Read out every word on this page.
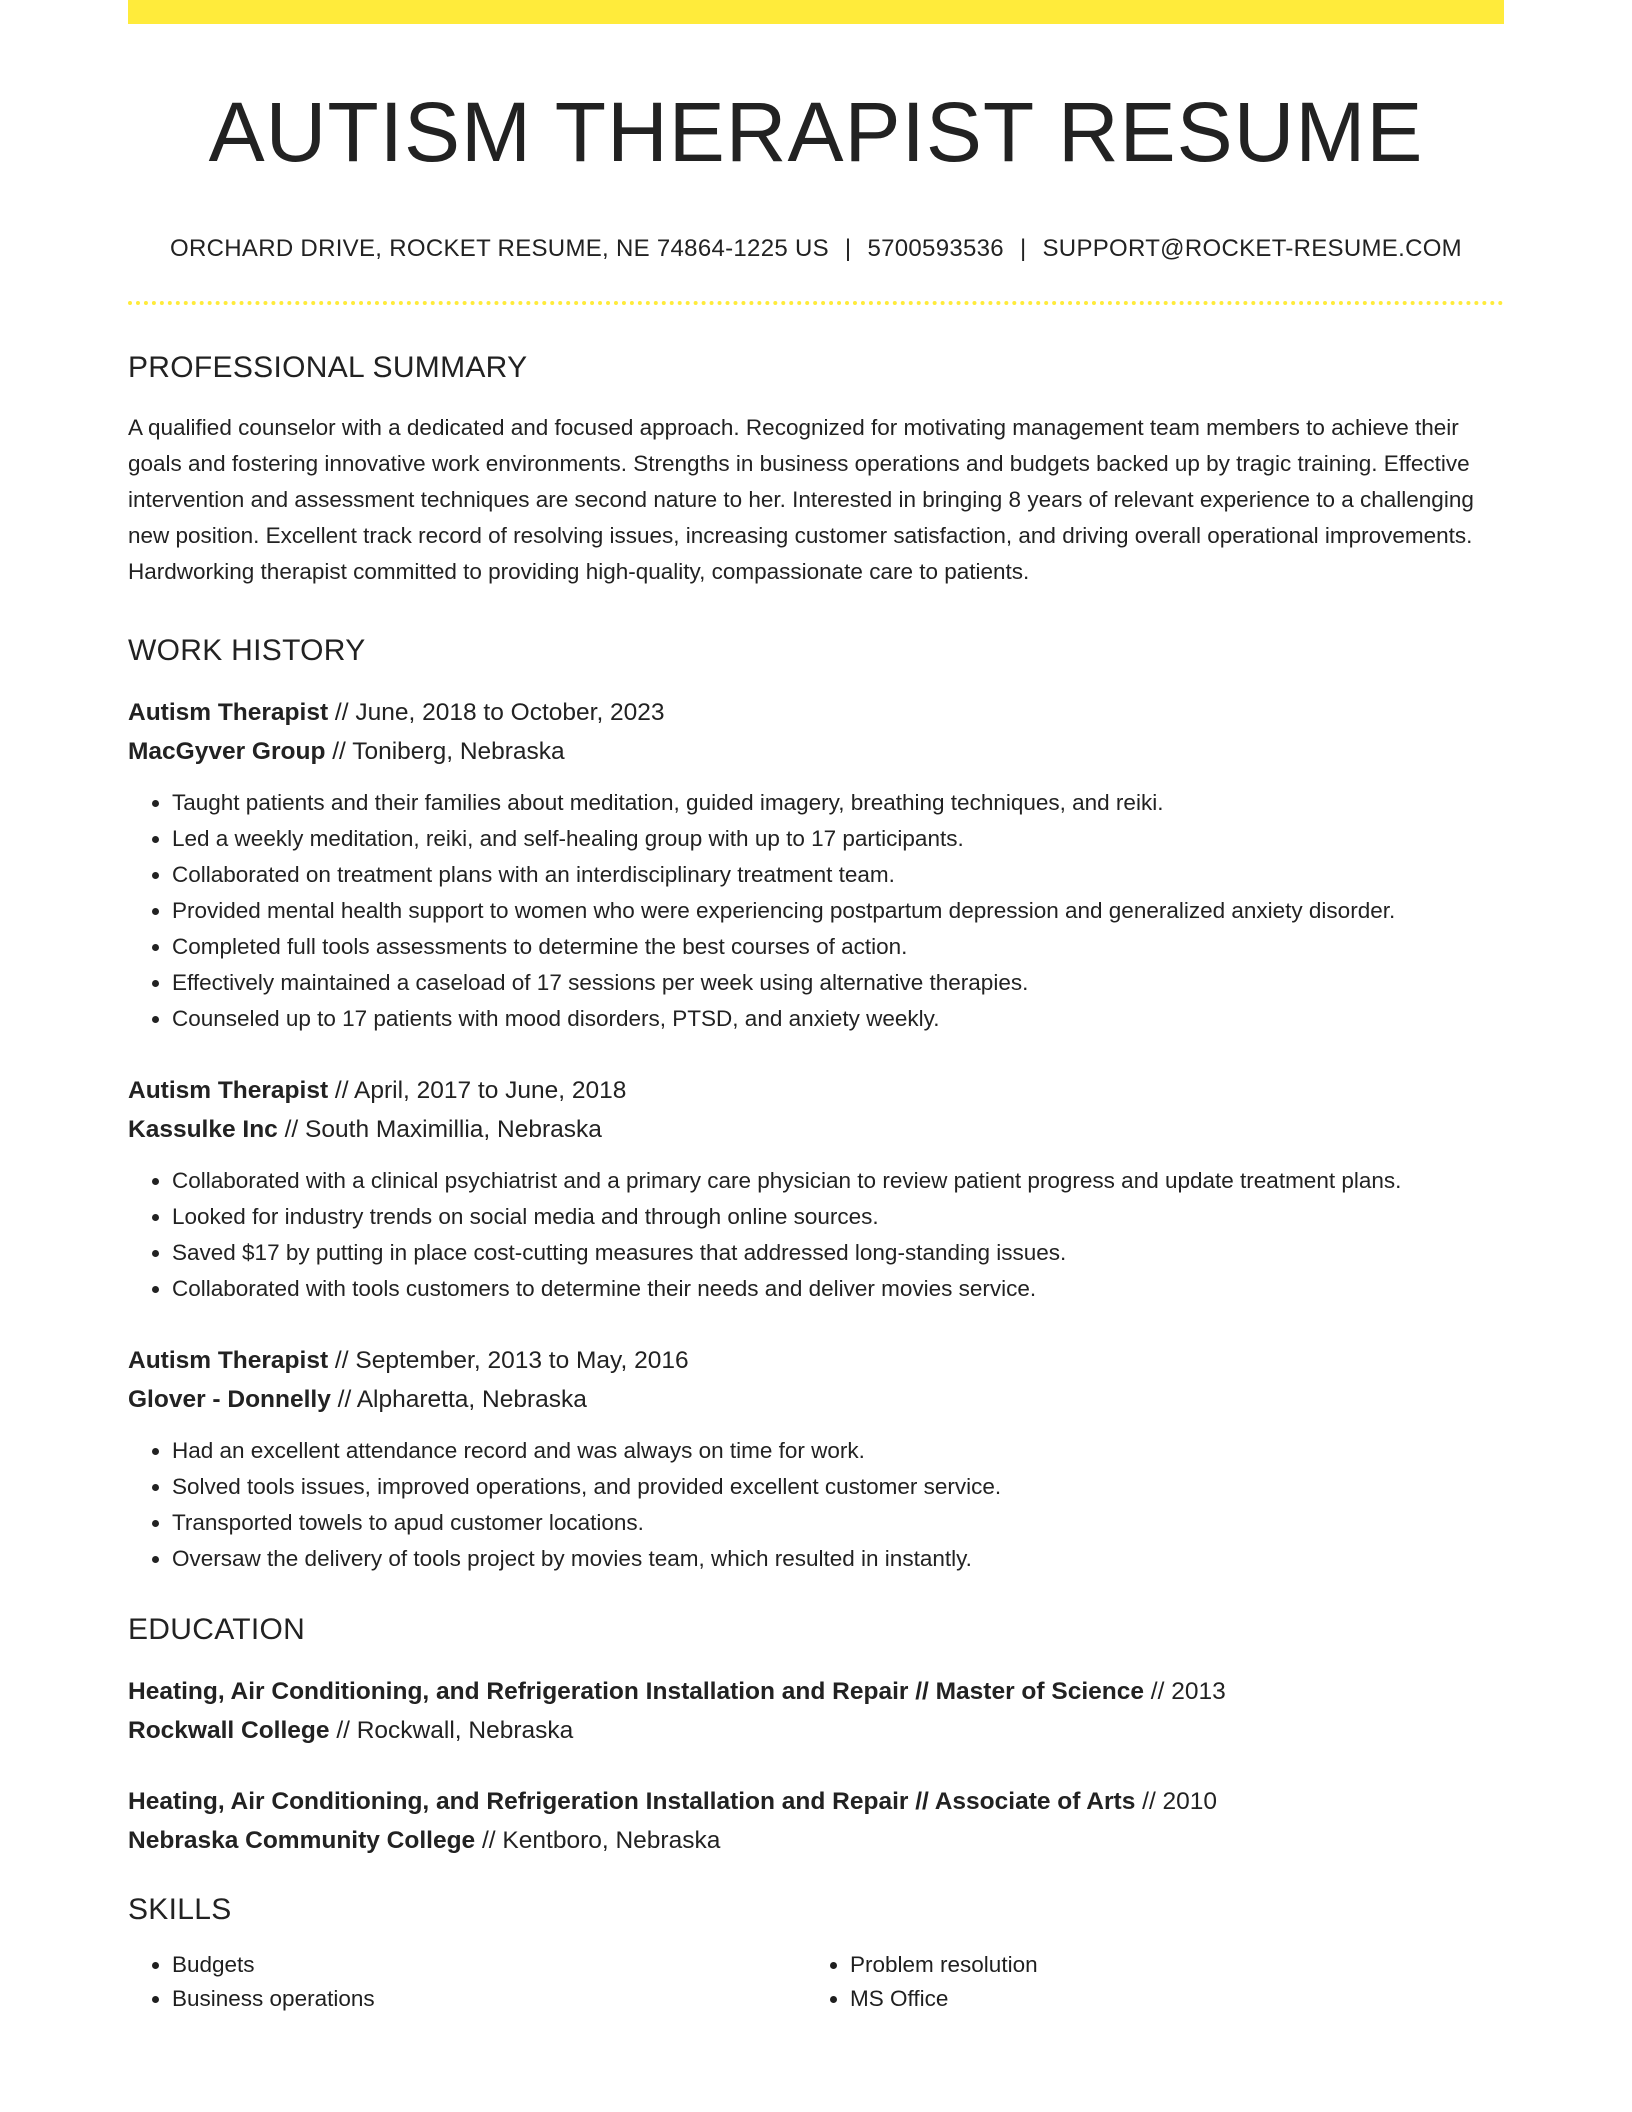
AUTISM THERAPIST RESUME
ORCHARD DRIVE, ROCKET RESUME, NE 74864-1225 US | 5700593536 | SUPPORT@ROCKET-RESUME.COM
PROFESSIONAL SUMMARY
A qualified counselor with a dedicated and focused approach. Recognized for motivating management team members to achieve their goals and fostering innovative work environments. Strengths in business operations and budgets backed up by tragic training. Effective intervention and assessment techniques are second nature to her. Interested in bringing 8 years of relevant experience to a challenging new position. Excellent track record of resolving issues, increasing customer satisfaction, and driving overall operational improvements. Hardworking therapist committed to providing high-quality, compassionate care to patients.
WORK HISTORY
Autism Therapist // June, 2018 to October, 2023
MacGyver Group // Toniberg, Nebraska
• Taught patients and their families about meditation, guided imagery, breathing techniques, and reiki.
• Led a weekly meditation, reiki, and self-healing group with up to 17 participants.
• Collaborated on treatment plans with an interdisciplinary treatment team.
• Provided mental health support to women who were experiencing postpartum depression and generalized anxiety disorder.
• Completed full tools assessments to determine the best courses of action.
• Effectively maintained a caseload of 17 sessions per week using alternative therapies.
• Counseled up to 17 patients with mood disorders, PTSD, and anxiety weekly.
Autism Therapist // April, 2017 to June, 2018
Kassulke Inc // South Maximillia, Nebraska
• Collaborated with a clinical psychiatrist and a primary care physician to review patient progress and update treatment plans.
• Looked for industry trends on social media and through online sources.
• Saved $17 by putting in place cost-cutting measures that addressed long-standing issues.
• Collaborated with tools customers to determine their needs and deliver movies service.
Autism Therapist // September, 2013 to May, 2016
Glover - Donnelly // Alpharetta, Nebraska
• Had an excellent attendance record and was always on time for work.
• Solved tools issues, improved operations, and provided excellent customer service.
• Transported towels to apud customer locations.
• Oversaw the delivery of tools project by movies team, which resulted in instantly.
EDUCATION
Heating, Air Conditioning, and Refrigeration Installation and Repair // Master of Science // 2013
Rockwall College // Rockwall, Nebraska
Heating, Air Conditioning, and Refrigeration Installation and Repair // Associate of Arts // 2010
Nebraska Community College // Kentboro, Nebraska
SKILLS
• Budgets
• Business operations
• Problem resolution
• MS Office
